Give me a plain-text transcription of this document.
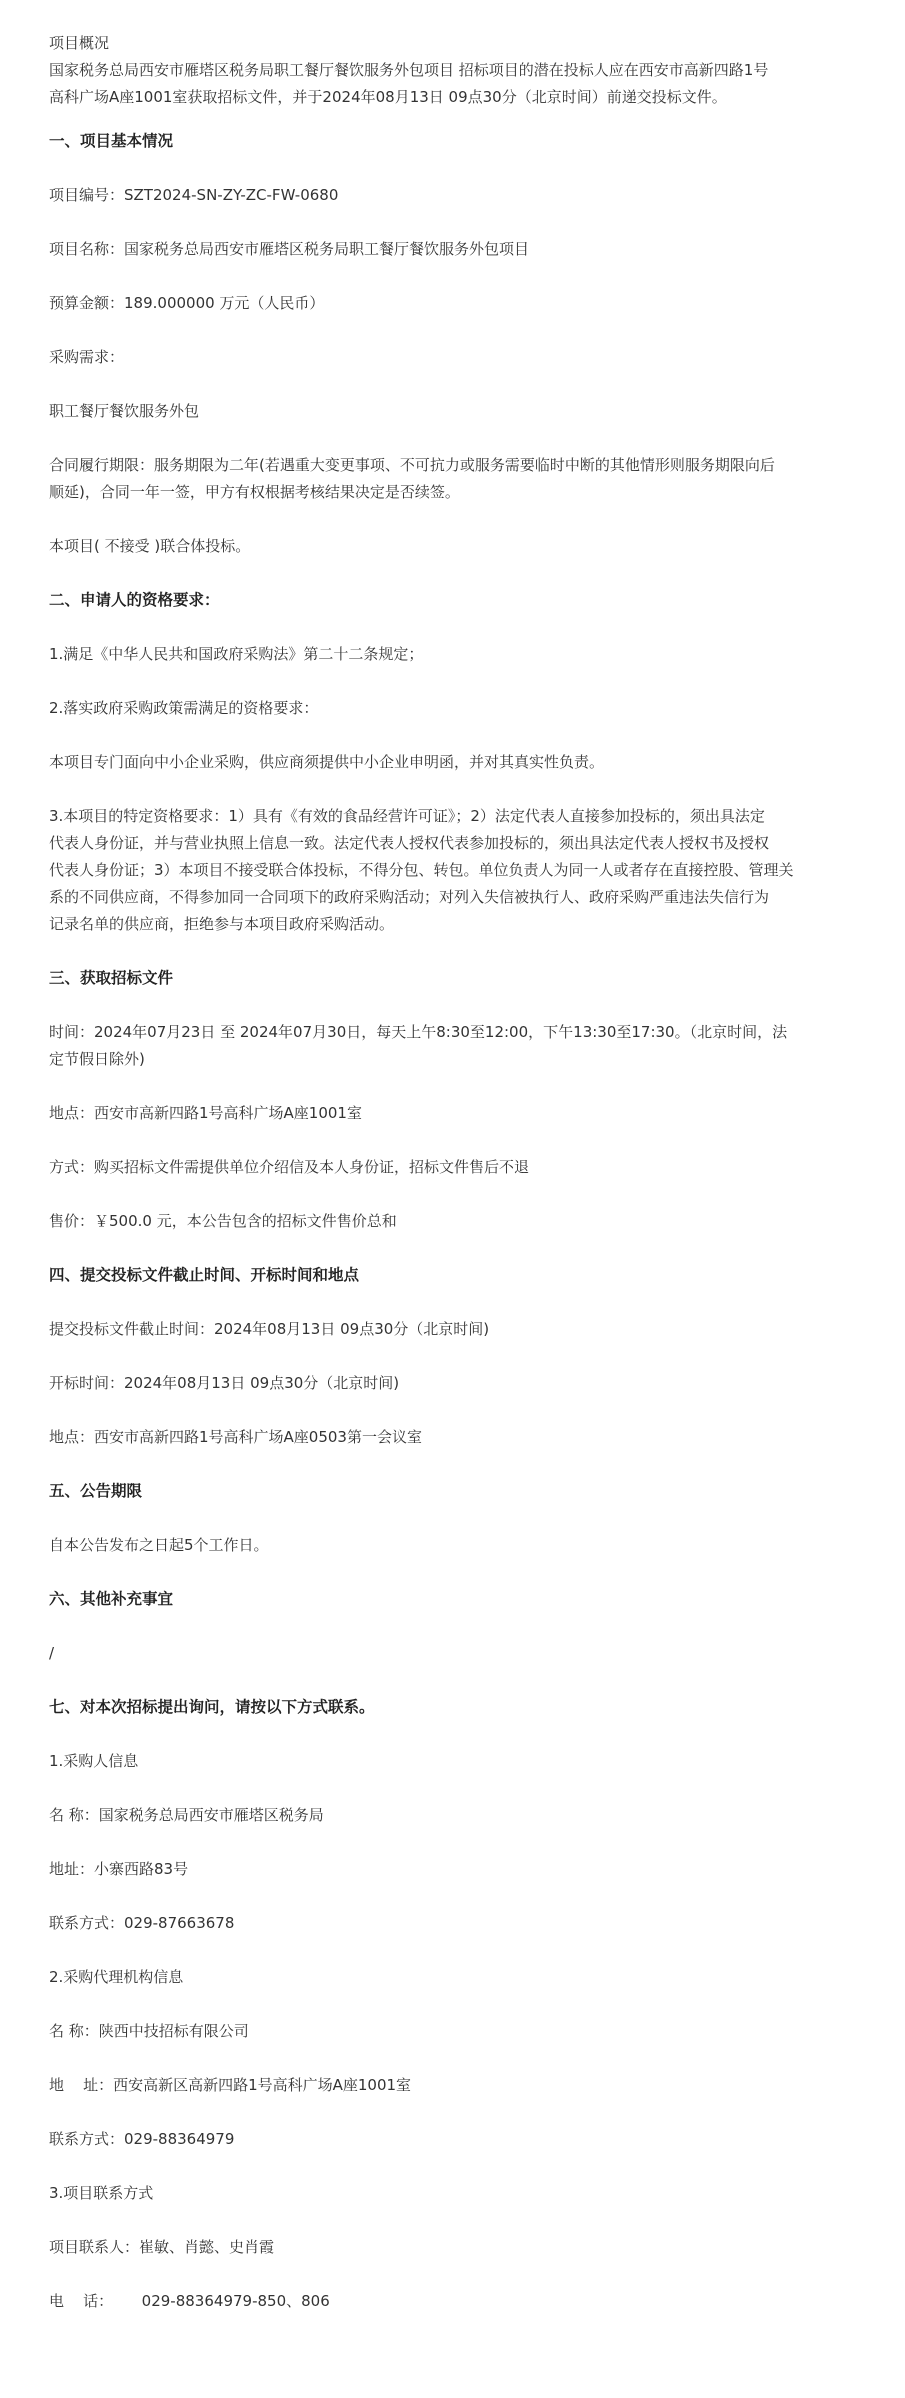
项目概况

国家税务总局西安市雁塔区税务局职工餐厅餐饮服务外包项目 招标项目的潜在投标人应在西安市高新四路1号

高科广场A座1001室获取招标文件，并于2024年08月13日 09点30分（北京时间）前递交投标文件。

一、项目基本情况

项目编号：SZT2024-SN-ZY-ZC-FW-0680

项目名称：国家税务总局西安市雁塔区税务局职工餐厅餐饮服务外包项目

预算金额：189.000000 万元（人民币）

采购需求：

职工餐厅餐饮服务外包

合同履行期限：服务期限为二年(若遇重大变更事项、不可抗力或服务需要临时中断的其他情形则服务期限向后

顺延)，合同一年一签，甲方有权根据考核结果决定是否续签。

本项目( 不接受 )联合体投标。

二、申请人的资格要求：

1.满足《中华人民共和国政府采购法》第二十二条规定；

2.落实政府采购政策需满足的资格要求：

本项目专门面向中小企业采购，供应商须提供中小企业申明函，并对其真实性负责。

3.本项目的特定资格要求：1）具有《有效的食品经营许可证》；2）法定代表人直接参加投标的，须出具法定

代表人身份证，并与营业执照上信息一致。法定代表人授权代表参加投标的，须出具法定代表人授权书及授权

代表人身份证；3）本项目不接受联合体投标，不得分包、转包。单位负责人为同一人或者存在直接控股、管理关

系的不同供应商，不得参加同一合同项下的政府采购活动；对列入失信被执行人、政府采购严重违法失信行为

记录名单的供应商，拒绝参与本项目政府采购活动。

三、获取招标文件

时间：2024年07月23日 至 2024年07月30日，每天上午8:30至12:00，下午13:30至17:30。（北京时间，法

定节假日除外)

地点：西安市高新四路1号高科广场A座1001室

方式：购买招标文件需提供单位介绍信及本人身份证，招标文件售后不退

售价：￥500.0 元，本公告包含的招标文件售价总和

四、提交投标文件截止时间、开标时间和地点

提交投标文件截止时间：2024年08月13日 09点30分（北京时间)

开标时间：2024年08月13日 09点30分（北京时间)

地点：西安市高新四路1号高科广场A座0503第一会议室

五、公告期限

自本公告发布之日起5个工作日。

六、其他补充事宜

/

七、对本次招标提出询问，请按以下方式联系。

1.采购人信息

名 称：国家税务总局西安市雁塔区税务局

地址：小寨西路83号

联系方式：029-87663678

2.采购代理机构信息

名 称：陕西中技招标有限公司

地    址：西安高新区高新四路1号高科广场A座1001室

联系方式：029-88364979

3.项目联系方式

项目联系人：崔敏、肖懿、史肖霞

电    话：      029-88364979-850、806
